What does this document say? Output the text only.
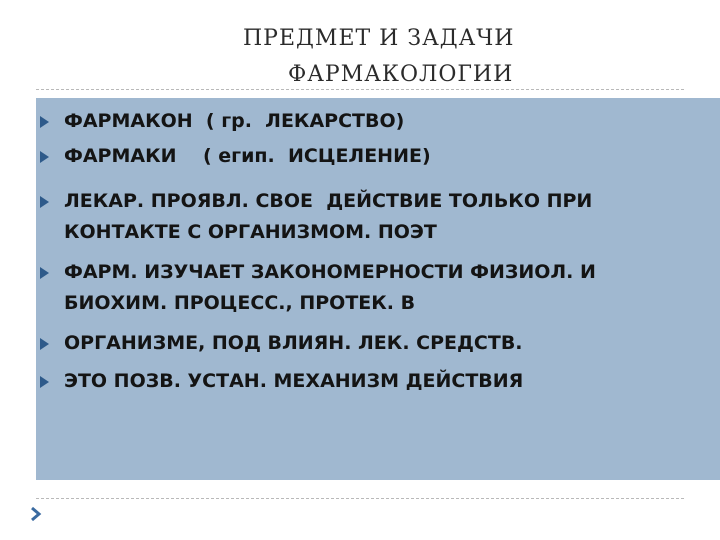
ПРЕДМЕТ И ЗАДАЧИ
ФАРМАКОЛОГИИ
ФАРМАКОН  ( гр.  ЛЕКАРСТВО)
ФАРМАКИ    ( егип.  ИСЦЕЛЕНИЕ)
ЛЕКАР. ПРОЯВЛ. СВОЕ  ДЕЙСТВИЕ ТОЛЬКО ПРИ
КОНТАКТЕ С ОРГАНИЗМОМ. ПОЭТ
ФАРМ. ИЗУЧАЕТ ЗАКОНОМЕРНОСТИ ФИЗИОЛ. И
БИОХИМ. ПРОЦЕСС., ПРОТЕК. В
ОРГАНИЗМЕ, ПОД ВЛИЯН. ЛЕК. СРЕДСТВ.
ЭТО ПОЗВ. УСТАН. МЕХАНИЗМ ДЕЙСТВИЯ
